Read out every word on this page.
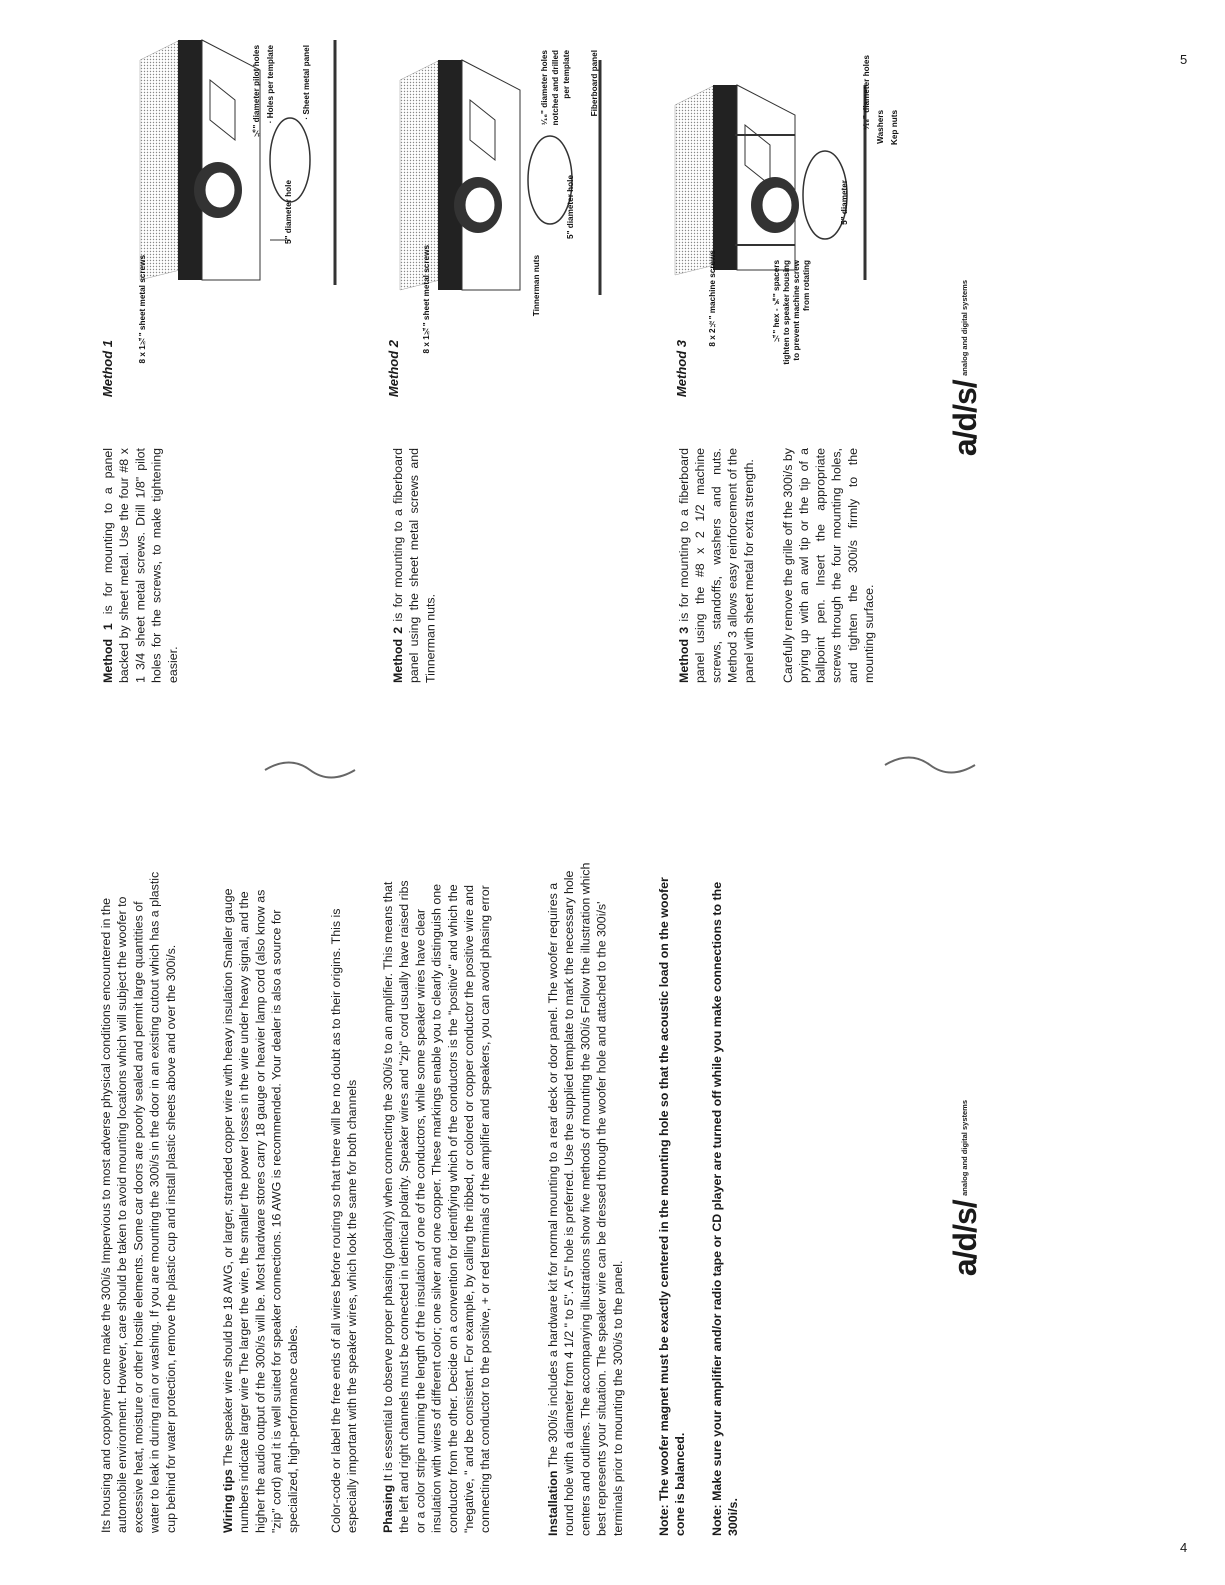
Its housing and copolymer cone make the 300i/s Impervious to most adverse physical conditions encountered in the automobile environment. However, care should be taken to avoid mounting locations which will subject the woofer to excessive heat, moisture or other hostile elements. Some car doors are poorly sealed and permit large quantities of water to leak in during rain or washing. If you are mounting the 300i/s in the door in an existing cutout which has a plastic cup behind for water protection, remove the plastic cup and install plastic sheets above and over the 300i/s.	Wiring tips The speaker wire should be 18 AWG, or larger, stranded copper wire with heavy insulation Smaller gauge numbers indicate larger wire The larger the wire, the smaller the power losses in the wire under heavy signal, and the higher the audio output of the 300i/s will be. Most hardware stores carry 18 gauge or heavier lamp cord (also know as "zip" cord) and it is well suited for speaker connections. 16 AWG is recommended. Your dealer is also a source for specialized, high-performance cables. Color-code or label the free ends of all wires before routing so that there will be no doubt as to their origins. This is especially important with the speaker wires, which look the same for both channels Phasing It is essential to observe proper phasing (polarity) when connecting the 300i/s to an amplifier. This means that the left and right channels must be connected in identical polarity. Speaker wires and "zip" cord usually have raised ribs or a color stripe running the length of the insulation of one of the conductors, while some speaker wires have clear insulation with wires of different color; one silver and one copper. These markings enable you to clearly distinguish one conductor from the other. Decide on a convention for identifying which of the conductors is the "positive" and which the "negative, " and be consistent. For example, by calling the ribbed, or colored or copper conductor the positive wire and connecting that conductor to the positive, + or red terminals of the amplifier and speakers, you can avoid phasing error	Installation The 300i/s includes a hardware kit for normal mounting to a rear deck or door panel. The woofer requires a round hole with a diameter from 4 1/2 " to 5". A 5" hole is preferred. Use the supplied template to mark the necessary hole centers and outlines. The accompanying illustrations show five methods of mounting the 300i/s Follow the illustration which best represents your situation. The speaker wire can be dressed through the woofer hole and attached to the 300i/s' terminals prior to mounting the 300i/s to the panel.	Note: The woofer magnet must be exactly centered in the mounting hole so that the acoustic load on the woofer cone is balanced. Note: Make sure your amplifier and/or radio tape or CD player are turned off while you make connections to the 300i/s.
4
a/d/s/ analog and digital systems
Method 1 is for mounting to a panel backed by sheet metal. Use the four #8 x 1 3/4 sheet metal screws. Drill 1/8" pilot holes for the screws, to make tightening easier.	Method 2 is for mounting to a fiberboard panel using the sheet metal screws and Tinnerman nuts.	Method 3 is for mounting to a fiberboard panel using the #8 x 2 1/2 machine screws, standoffs, washers and nuts. Method 3 allows easy reinforcement of the panel with sheet metal for extra strength. Carefully remove the grille off the 300i/s by prying up with an awl tip or the tip of a ballpoint pen. Insert the appropriate screws through the four mounting holes, and tighten the 300i/s firmly to the mounting surface.
Method 1	Method 2	Method 3
8 x 1¾" sheet metal screws
5" diameter hole
⅛" diameter pilot holes · Holes per template	· Sheet metal panel
8 x 1¾" sheet metal screws	Tinnerman nuts
5" diameter hole
¹⁄₁₆" diameter holes notched and drilled per template Fiberboard panel
8 x 2½" machine screws	¼" hex - ⅝" spacers tighten to speaker housing to prevent machine screw from rotating
5" diameter
³⁄₁₆" diameter holes Washers Kep nuts
5
a/d/s/ analog and digital systems
